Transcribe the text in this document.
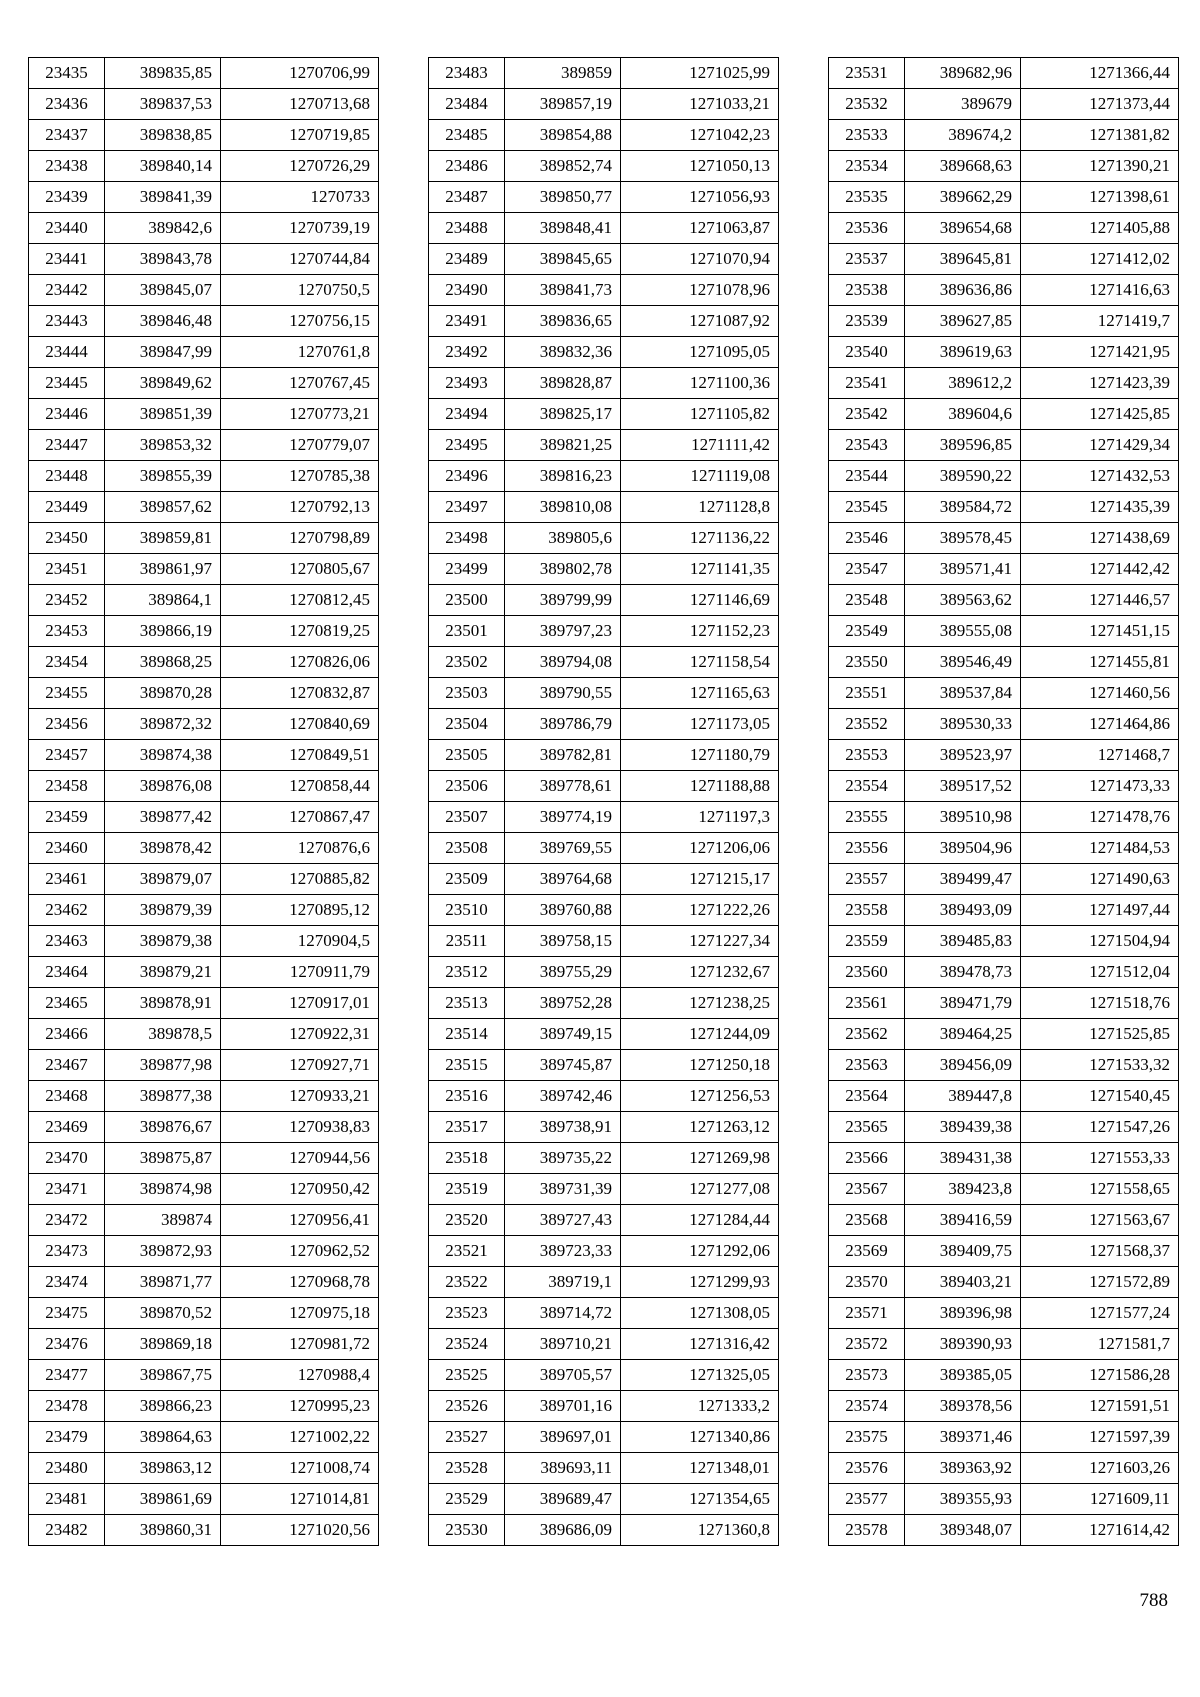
23435	389835,85	1270706,99
23436	389837,53	1270713,68
23437	389838,85	1270719,85
23438	389840,14	1270726,29
23439	389841,39	1270733
23440	389842,6	1270739,19
23441	389843,78	1270744,84
23442	389845,07	1270750,5
23443	389846,48	1270756,15
23444	389847,99	1270761,8
23445	389849,62	1270767,45
23446	389851,39	1270773,21
23447	389853,32	1270779,07
23448	389855,39	1270785,38
23449	389857,62	1270792,13
23450	389859,81	1270798,89
23451	389861,97	1270805,67
23452	389864,1	1270812,45
23453	389866,19	1270819,25
23454	389868,25	1270826,06
23455	389870,28	1270832,87
23456	389872,32	1270840,69
23457	389874,38	1270849,51
23458	389876,08	1270858,44
23459	389877,42	1270867,47
23460	389878,42	1270876,6
23461	389879,07	1270885,82
23462	389879,39	1270895,12
23463	389879,38	1270904,5
23464	389879,21	1270911,79
23465	389878,91	1270917,01
23466	389878,5	1270922,31
23467	389877,98	1270927,71
23468	389877,38	1270933,21
23469	389876,67	1270938,83
23470	389875,87	1270944,56
23471	389874,98	1270950,42
23472	389874	1270956,41
23473	389872,93	1270962,52
23474	389871,77	1270968,78
23475	389870,52	1270975,18
23476	389869,18	1270981,72
23477	389867,75	1270988,4
23478	389866,23	1270995,23
23479	389864,63	1271002,22
23480	389863,12	1271008,74
23481	389861,69	1271014,81
23482	389860,31	1271020,56
23483	389859	1271025,99
23484	389857,19	1271033,21
23485	389854,88	1271042,23
23486	389852,74	1271050,13
23487	389850,77	1271056,93
23488	389848,41	1271063,87
23489	389845,65	1271070,94
23490	389841,73	1271078,96
23491	389836,65	1271087,92
23492	389832,36	1271095,05
23493	389828,87	1271100,36
23494	389825,17	1271105,82
23495	389821,25	1271111,42
23496	389816,23	1271119,08
23497	389810,08	1271128,8
23498	389805,6	1271136,22
23499	389802,78	1271141,35
23500	389799,99	1271146,69
23501	389797,23	1271152,23
23502	389794,08	1271158,54
23503	389790,55	1271165,63
23504	389786,79	1271173,05
23505	389782,81	1271180,79
23506	389778,61	1271188,88
23507	389774,19	1271197,3
23508	389769,55	1271206,06
23509	389764,68	1271215,17
23510	389760,88	1271222,26
23511	389758,15	1271227,34
23512	389755,29	1271232,67
23513	389752,28	1271238,25
23514	389749,15	1271244,09
23515	389745,87	1271250,18
23516	389742,46	1271256,53
23517	389738,91	1271263,12
23518	389735,22	1271269,98
23519	389731,39	1271277,08
23520	389727,43	1271284,44
23521	389723,33	1271292,06
23522	389719,1	1271299,93
23523	389714,72	1271308,05
23524	389710,21	1271316,42
23525	389705,57	1271325,05
23526	389701,16	1271333,2
23527	389697,01	1271340,86
23528	389693,11	1271348,01
23529	389689,47	1271354,65
23530	389686,09	1271360,8
23531	389682,96	1271366,44
23532	389679	1271373,44
23533	389674,2	1271381,82
23534	389668,63	1271390,21
23535	389662,29	1271398,61
23536	389654,68	1271405,88
23537	389645,81	1271412,02
23538	389636,86	1271416,63
23539	389627,85	1271419,7
23540	389619,63	1271421,95
23541	389612,2	1271423,39
23542	389604,6	1271425,85
23543	389596,85	1271429,34
23544	389590,22	1271432,53
23545	389584,72	1271435,39
23546	389578,45	1271438,69
23547	389571,41	1271442,42
23548	389563,62	1271446,57
23549	389555,08	1271451,15
23550	389546,49	1271455,81
23551	389537,84	1271460,56
23552	389530,33	1271464,86
23553	389523,97	1271468,7
23554	389517,52	1271473,33
23555	389510,98	1271478,76
23556	389504,96	1271484,53
23557	389499,47	1271490,63
23558	389493,09	1271497,44
23559	389485,83	1271504,94
23560	389478,73	1271512,04
23561	389471,79	1271518,76
23562	389464,25	1271525,85
23563	389456,09	1271533,32
23564	389447,8	1271540,45
23565	389439,38	1271547,26
23566	389431,38	1271553,33
23567	389423,8	1271558,65
23568	389416,59	1271563,67
23569	389409,75	1271568,37
23570	389403,21	1271572,89
23571	389396,98	1271577,24
23572	389390,93	1271581,7
23573	389385,05	1271586,28
23574	389378,56	1271591,51
23575	389371,46	1271597,39
23576	389363,92	1271603,26
23577	389355,93	1271609,11
23578	389348,07	1271614,42
788
